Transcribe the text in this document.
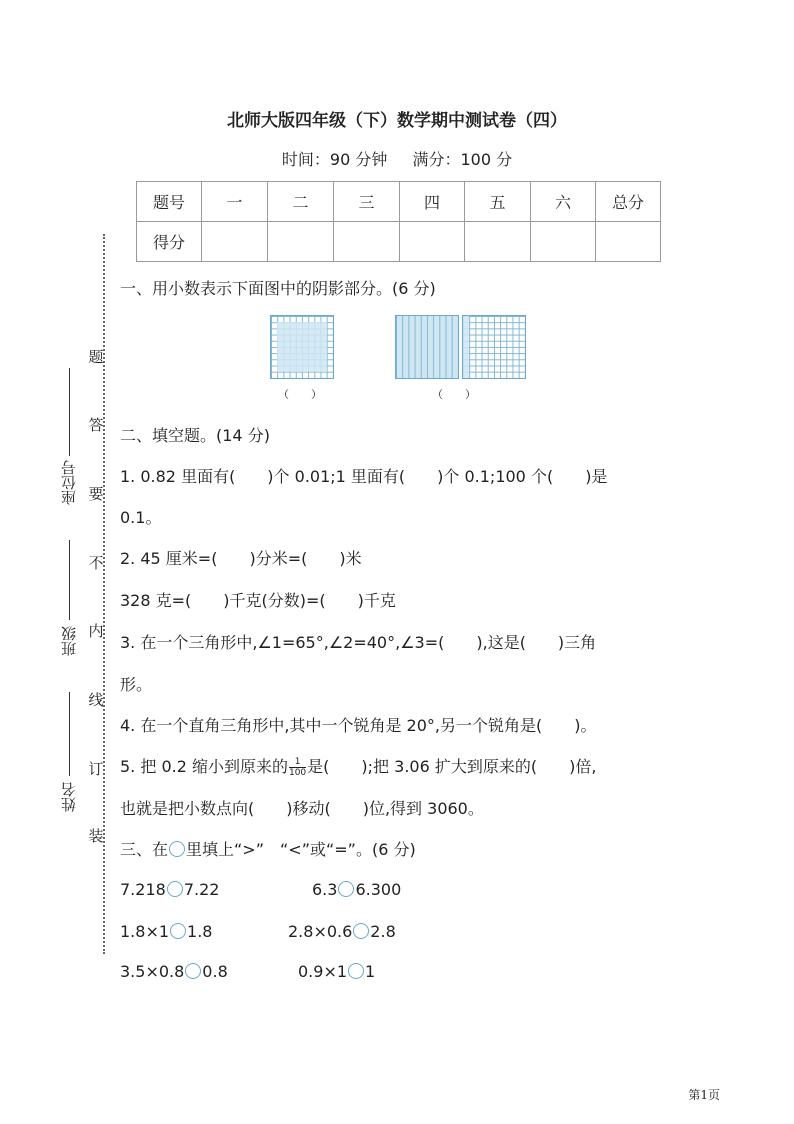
北师大版四年级（下）数学期中测试卷（四）
时间：90 分钟 满分：100 分
题号	一	二	三	四	五	六	总分
得分							
题
答
要
不
内
线
订
装
座位号
班级
姓名
一、用小数表示下面图中的阴影部分。(6 分)
（　　）	（　　）
二、填空题。(14 分)
1. 0.82 里面有(　　)个 0.01;1 里面有(　　)个 0.1;100 个(　　)是
0.1。
2. 45 厘米=(　　)分米=(　　)米
328 克=(　　)千克(分数)=(　　)千克
3. 在一个三角形中,∠1=65°,∠2=40°,∠3=(　　),这是(　　)三角
形。
4. 在一个直角三角形中,其中一个锐角是 20°,另一个锐角是(　　)。
5. 把 0.2 缩小到原来的 $\frac{1}{100}$ 是(　　);把 3.06 扩大到原来的(　　)倍,
也就是把小数点向(　　)移动(　　)位,得到 3060。
三、在 里填上“>”　“<”或“=”。(6 分)
7.218 7.22	6.3 6.300
1.8×1 1.8	2.8×0.6 2.8
3.5×0.8 0.8	0.9×1 1
第1页
